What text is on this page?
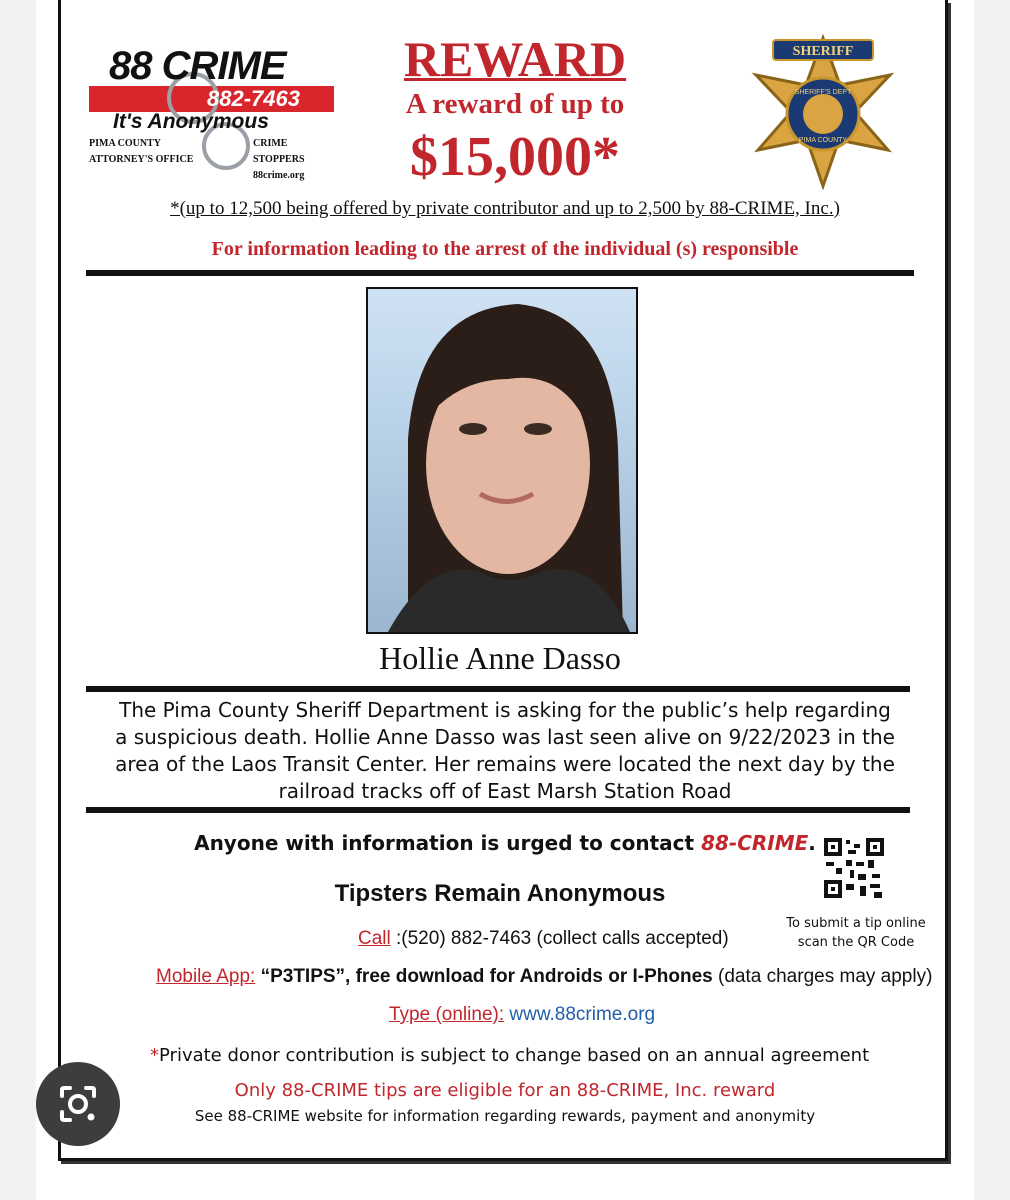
88 CRIME
882-7463
It's Anonymous
PIMA COUNTY
ATTORNEY'S OFFICE
CRIME STOPPERS
88crime.org
REWARD
A reward of up to
$15,000*
SHERIFF
SHERIFF'S DEPT
PIMA COUNTY
*(up to 12,500 being offered by private contributor and up to 2,500 by 88-CRIME, Inc.)
For information leading to the arrest of the individual (s) responsible
Hollie Anne Dasso
The Pima County Sheriff Department is asking for the public’s help regarding a suspicious death. Hollie Anne Dasso was last seen alive on 9/22/2023 in the area of the Laos Transit Center. Her remains were located the next day by the railroad tracks off of East Marsh Station Road
Anyone with information is urged to contact 88-CRIME.
Tipsters Remain Anonymous
To submit a tip online
scan the QR Code
Call :(520) 882-7463 (collect calls accepted)
Mobile App: “P3TIPS”, free download for Androids or I-Phones (data charges may apply)
Type (online): www.88crime.org
*Private donor contribution is subject to change based on an annual agreement
Only 88-CRIME tips are eligible for an 88-CRIME, Inc. reward
See 88-CRIME website for information regarding rewards, payment and anonymity
